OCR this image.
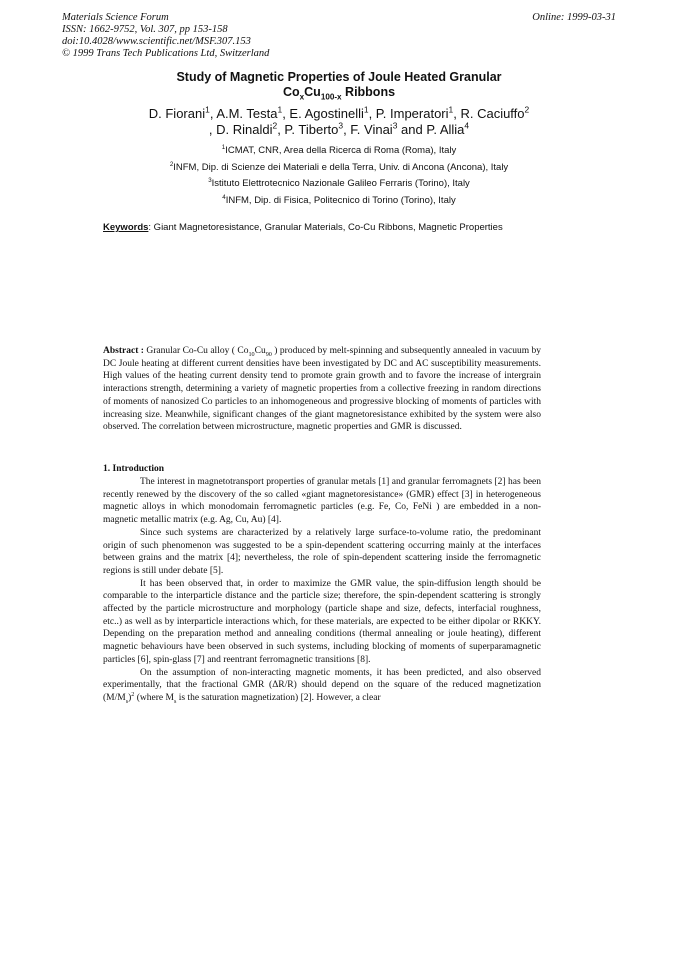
Materials Science Forum
ISSN: 1662-9752, Vol. 307, pp 153-158
doi:10.4028/www.scientific.net/MSF.307.153
© 1999 Trans Tech Publications Ltd, Switzerland
Online: 1999-03-31
Study of Magnetic Properties of Joule Heated Granular
$Co_xCu_{100-x}$ Ribbons
D. Fiorani$^1$, A.M. Testa$^1$, E. Agostinelli$^1$, P. Imperatori$^1$, R. Caciuffo$^2$
, D. Rinaldi$^2$, P. Tiberto$^3$, F. Vinai$^3$ and P. Allia$^4$
$^1$ICMAT, CNR, Area della Ricerca di Roma (Roma), Italy
$^2$INFM, Dip. di Scienze dei Materiali e della Terra, Univ. di Ancona (Ancona), Italy
$^3$Istituto Elettrotecnico Nazionale Galileo Ferraris (Torino), Italy
$^4$INFM, Dip. di Fisica, Politecnico di Torino (Torino), Italy
Keywords: Giant Magnetoresistance, Granular Materials, Co-Cu Ribbons, Magnetic Properties
Abstract : Granular Co-Cu alloy ( $Co_{10}Cu_{90}$ ) produced by melt-spinning and subsequently annealed in vacuum by DC Joule heating at different current densities have been investigated by DC and AC susceptibility measurements. High values of the heating current density tend to promote grain growth and to favore the increase of intergrain interactions strength, determining a variety of magnetic properties from a collective freezing in random directions of moments of nanosized Co particles to an inhomogeneous and progressive blocking of moments of particles with increasing size. Meanwhile, significant changes of the giant magnetoresistance exhibited by the system were also observed. The correlation between microstructure, magnetic properties and GMR is discussed.
1. Introduction

The interest in magnetotransport properties of granular metals [1] and granular ferromagnets [2] has been recently renewed by the discovery of the so called «giant magnetoresistance» (GMR) effect [3] in heterogeneous magnetic alloys in which monodomain ferromagnetic particles (e.g. Fe, Co, FeNi ) are embedded in a non-magnetic metallic matrix (e.g. Ag, Cu, Au) [4].

Since such systems are characterized by a relatively large surface-to-volume ratio, the predominant origin of such phenomenon was suggested to be a spin-dependent scattering occurring mainly at the interfaces between grains and the matrix [4]; nevertheless, the role of spin-dependent scattering inside the ferromagnetic regions is still under debate [5].

It has been observed that, in order to maximize the GMR value, the spin-diffusion length should be comparable to the interparticle distance and the particle size; therefore, the spin-dependent scattering is strongly affected by the particle microstructure and morphology (particle shape and size, defects, interfacial roughness, etc..) as well as by interparticle interactions which, for these materials, are expected to be either dipolar or RKKY. Depending on the preparation method and annealing conditions (thermal annealing or joule heating), different magnetic behaviours have been observed in such systems, including blocking of moments of superparamagnetic particles [6], spin-glass [7] and reentrant ferromagnetic transitions [8].

On the assumption of non-interacting magnetic moments, it has been predicted, and also observed experimentally, that the fractional GMR (ΔR/R) should depend on the square of the reduced magnetization $(M/M_s)^2$ (where $M_s$ is the saturation magnetization) [2]. However, a clear
